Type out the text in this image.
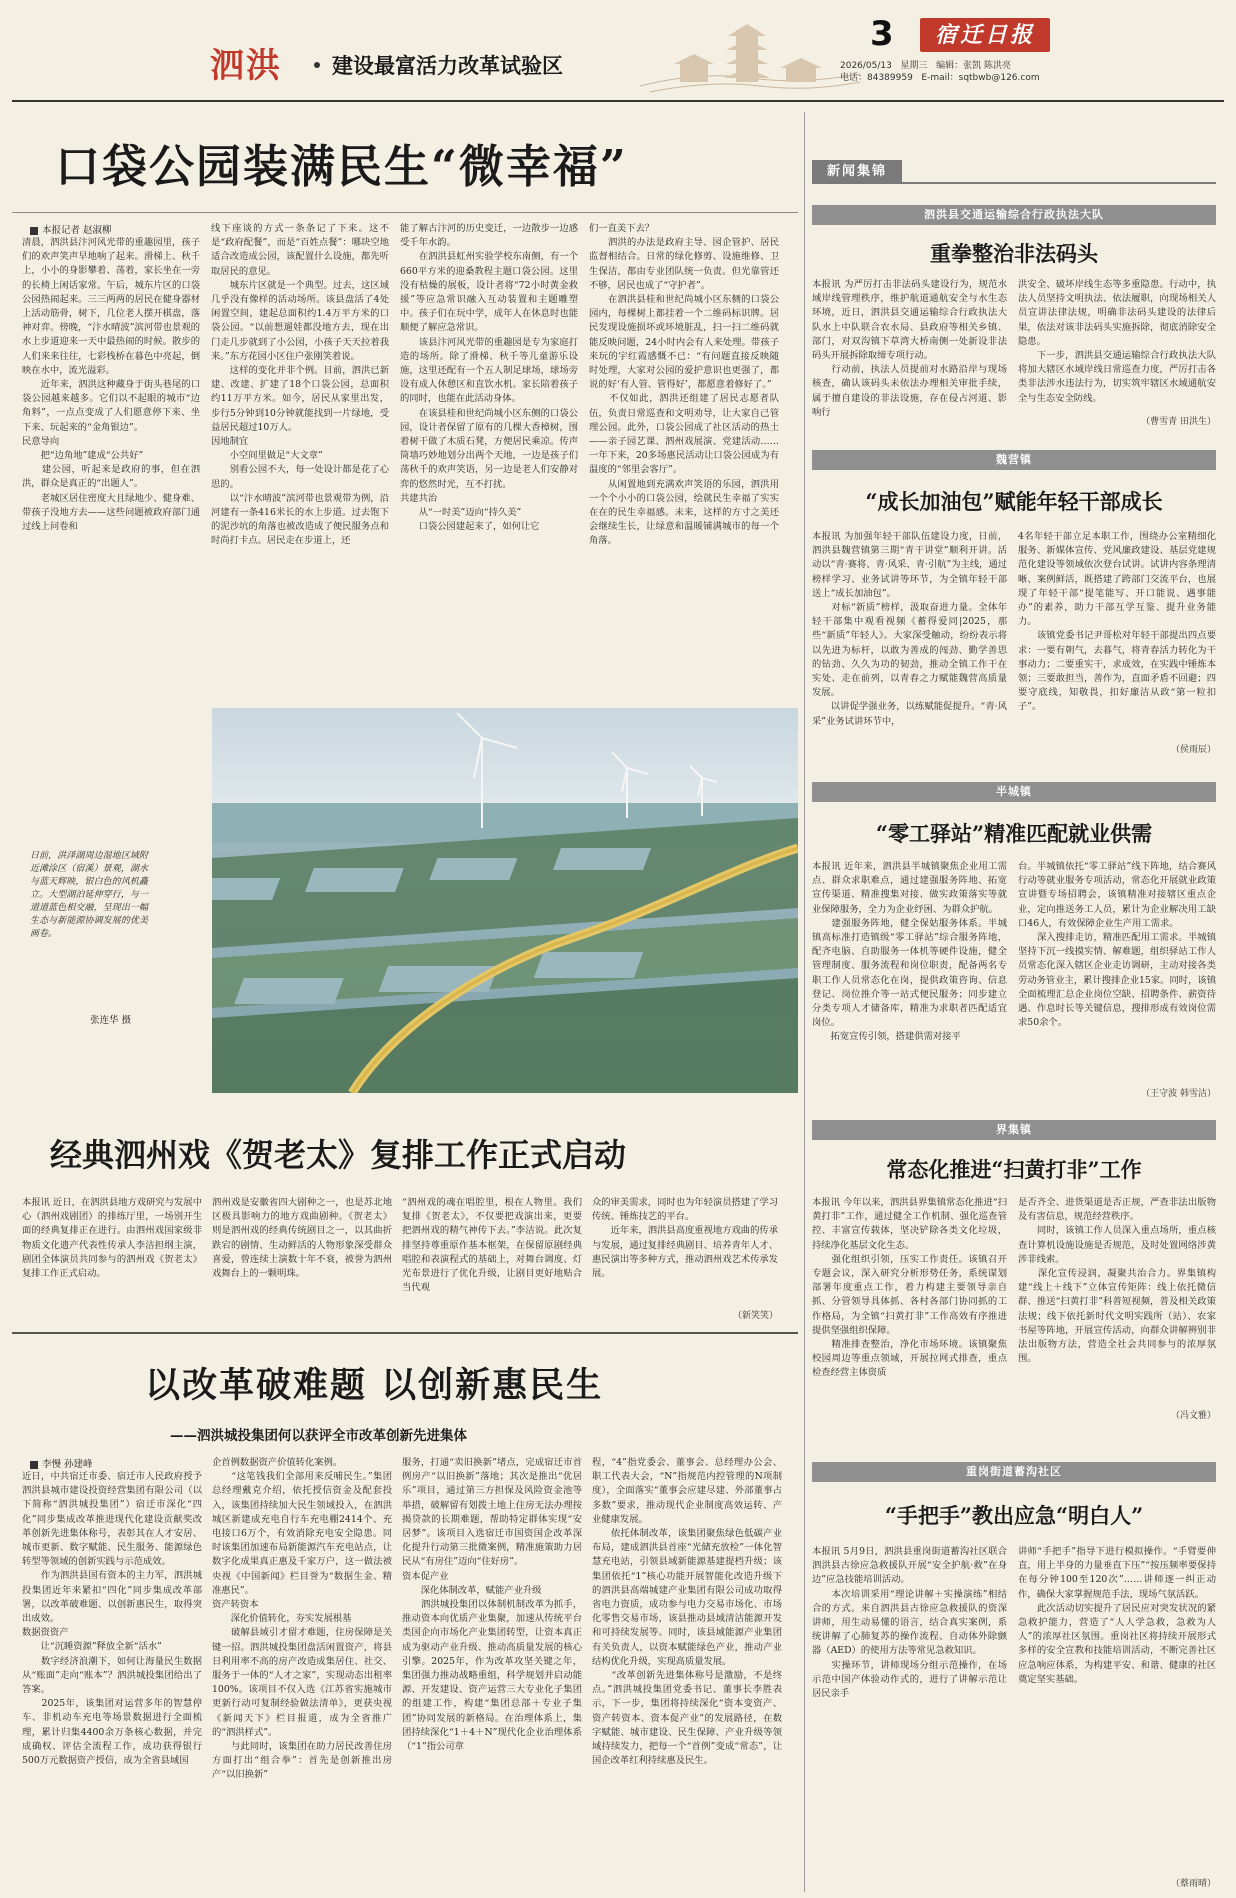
泗洪 建设最富活力改革试验区
3	宿迁日报
2026/05/13 星期三 编辑：张凯 陈洪亮
电话：84389959 E-mail：sqtbwb@126.com
口袋公园装满民生“微幸福”
本报记者 赵淑柳
清晨，泗洪县汴河风光带的重趣园里，孩子们的欢声笑声早地响了起来。滑梯上、秋千上，小小的身影攀着、荡着，家长坐在一旁的长椅上闲话家常。午后，城东片区的口袋公园热闹起来。三三两两的居民在健身器材上活动筋骨，树下，几位老人摆开棋盘，落神对弈。傍晚，“汴水晴波”滨河带也景观的水上步道迎来一天中最热闹的时候。散步的人们来来往往，七彩栈桥在暮色中亮起，倒映在水中，流光溢彩。
　　近年来，泗洪这种藏身于街头巷尾的口袋公园越来越多。它们以不起眼的城市“边角料”，一点点变成了人们愿意停下来、坐下来、玩起来的“金角银边”。
民意导向
　　把“边角地”建成“公共好”
　　建公园，听起来是政府的事，但在泗洪，群众是真正的“出题人”。
　　老城区居住密度大且绿地少、健身难、带孩子没地方去——这些问题被政府部门通过线上问卷和
线下座谈的方式一条条记了下来。这不是“政府配餐”，而是“百姓点餐”：哪块空地适合改造成公园，该配置什么设施，都先听取居民的意见。
　　城东片区就是一个典型。过去，这区域几乎没有像样的活动场所。该县盘活了4处闲置空间，建起总面积约1.4万平方米的口袋公园。“以前想遛娃都没地方去，现在出门走几步就到了小公园，小孩子天天拉着我来。”东方花园小区住户张刚笑着说。
　　这样的变化并非个例。目前，泗洪已新建、改建、扩建了18个口袋公园，总面积约11万平方米。如今，居民从家里出发，步行5分钟到10分钟就能找到一片绿地，受益居民超过10万人。
因地制宜
　　小空间里做足“大文章”
　　别看公园不大，每一处设计都是花了心思的。
　　以“汴水晴波”滨河带也景观带为例，沿河建有一条416米长的水上步道。过去饱下的泥沙坑的角落也被改造成了便民服务点和时尚打卡点。居民走在步道上，还
能了解古汴河的历史变迁，一边散步一边感受千年水韵。
　　在泗洪县虹州实验学校东南侧，有一个660平方米的迎桑教程主题口袋公园。这里没有枯燥的展板，设计者将“72小时黄金救援”等应急常识融入互动装置和主题雕塑中。孩子们在玩中学，成年人在休息时也能顺便了解应急常识。
　　该县汴河风光带的重趣园是专为家庭打造的场所。除了滑梯、秋千等儿童游乐设施，这里还配有一个五人制足球场，球场旁设有成人休憩区和直饮水机。家长陪着孩子的同时，也能在此活动身体。
　　在该县桂和世纪尚城小区东侧的口袋公园，设计者保留了原有的几棵大香樟树，围着树干做了木质石凳，方便居民乘凉。传声筒墙巧妙地划分出两个天地，一边是孩子们荡秋千的欢声笑语，另一边是老人们安静对弈的悠然时光，互不打扰。
共建共治
　　从“一时美”迈向“持久美”
　　口袋公园建起来了，如何让它
们一直美下去？
　　泗洪的办法是政府主导、园企管护、居民监督相结合。日常的绿化修剪、设施维修、卫生保洁，都由专业团队统一负责。但光靠管还不够，居民也成了“守护者”。
　　在泗洪县桂和世纪尚城小区东侧的口袋公园内，每棵树上都挂着一个二维码标识牌。居民发现设施损坏或环境脏乱，扫一扫二维码就能反映问题，24小时内会有人来处理。带孩子来玩的宇红霞感慨不已：“有问题直接反映随时处理，大家对公园的爱护意识也更强了，都说的好‘有人管、管得好’，都愿意着修好了。”
　　不仅如此，泗洪还组建了居民志愿者队伍，负责日常巡查和文明劝导，让大家自己管理公园。此外，口袋公园成了社区活动的热土——亲子园艺课、泗州戏展演、党建活动……一年下来，20多场惠民活动让口袋公园成为有温度的“邻里会客厅”。
　　从闲置地到充满欢声笑语的乐园，泗洪用一个个小小的口袋公园，绘就民生幸福了实实在在的民生幸福感。未来，这样的方寸之美还会继续生长，让绿意和温暖铺满城市的每一个角落。
日前，洪泽湖周边湿地区域附近滩涂区（宿溪）景观，湖水与蓝天辉映，银白色的风机矗立。大型湖泊延伸穿行，与一道道蓝色相交融，呈现出一幅生态与新能源协调发展的优美画卷。
张连华 摄
经典泗州戏《贺老太》复排工作正式启动
本报讯 近日，在泗洪县地方戏研究与发展中心（泗州戏剧团）的排练厅里，一场别开生面的经典复排正在进行。由泗州戏国家级非物质文化遗产代表性传承人李洁担纲主演，剧团全体演员共同参与的泗州戏《贺老太》复排工作正式启动。
泗州戏是安徽省四大剧种之一，也是苏北地区极具影响力的地方戏曲剧种。《贺老太》则是泗州戏的经典传统剧目之一，以其曲折跌宕的剧情、生动鲜活的人物形象深受群众喜爱，曾连续上演数十年不衰，被誉为泗州戏舞台上的一颗明珠。
“泗州戏的魂在唱腔里，根在人物里。我们复排《贺老太》，不仅要把戏演出来，更要把泗州戏的精气神传下去。”李洁说。此次复排坚持尊重原作基本框架，在保留原剧经典唱腔和表演程式的基础上，对舞台调度、灯光布景进行了优化升级，让剧目更好地贴合当代观
众的审美需求，同时也为年轻演员搭建了学习传统、锤炼技艺的平台。
　　近年来，泗洪县高度重视地方戏曲的传承与发展，通过复排经典剧目、培养青年人才、惠民演出等多种方式，推动泗州戏艺术传承发展。
（新笑笑）
以改革破难题 以创新惠民生
——泗洪城投集团何以获评全市改革创新先进集体
李慢 孙建峰
近日，中共宿迁市委、宿迁市人民政府授予泗洪县城市建设投资经营集团有限公司（以下简称“泗洪城投集团”）宿迁市深化“四化”同步集成改革推进现代化建设贡献奖改革创新先进集体称号，表彰其在人才安居、城市更新、数字赋能、民生服务、能源绿色转型等领域的创新实践与示范成效。
　　作为泗洪县国有资本的主力军，泗洪城投集团近年来紧扣“四化”同步集成改革部署，以改革破难题、以创新惠民生，取得突出成效。
数据资资产
　　让“沉睡资源”释放全新“活水”
　　数字经济浪潮下，如何让海量民生数据从“账面”走向“账本”？泗洪城投集团给出了答案。
　　2025年，该集团对运营多年的智慧停车、非机动车充电等场景数据进行全面梳理，累计归集4400余万条核心数据，并完成确权、评估全流程工作，成功获得银行500万元数据资产授信，成为全省县域国
企首例数据资产价值转化案例。
　　“这笔钱我们全部用来反哺民生。”集团总经理戴克介绍，依托授信资金及配套投入，该集团持续加大民生领域投入，在泗洪城区新建成充电自行车充电棚2414个、充电接口6万个，有效消除充电安全隐患。同时该集团加速布局新能源汽车充电站点，让数字化成果真正惠及千家万户，这一做法被央视《中国新闻》栏目誉为“数据生金、精准惠民”。
资产转资本
　　深化价值转化，夯实发展根基
　　破解县域引才留才难题，住房保障是关键一招。泗洪城投集团盘活闲置资产，将县日利用率不高的房产改造成集居住、社交、服务于一体的“人才之家”，实现动态出租率100%。该项目不仅入选《江苏省实施城市更新行动可复制经验做法清单》，更获央视《新闻天下》栏目报道，成为全省推广的“泗洪样式”。
　　与此同时，该集团在助力居民改善住房方面打出“组合拳”：首先是创新推出房产“以旧换新”
服务，打通“卖旧换新”堵点，完成宿迁市首例房产“以旧换新”落地；其次是推出“优居乐”项目，通过第三方担保及风险资金池等举措，破解留有划拨土地上住房无法办理按揭贷款的长期难题，帮助特定群体实现“安居梦”。该项目入选宿迁市国资国企改革深化提升行动第三批微案例，精准施策助力居民从“有房住”迈向“住好房”。
资本促产业
　　深化体制改革，赋能产业升级
　　泗洪城投集团以体制机制改革为抓手，推动资本向优质产业集聚，加速从传统平台类国企向市场化产业集团转型，让资本真正成为驱动产业升级、推动高质量发展的核心引擎。2025年，作为改革攻坚关键之年，集团强力推动战略重组，科学规划并启动能源、开发建设、资产运营三大专业化子集团的组建工作，构建“集团总部＋专业子集团”协同发展的新格局。在治理体系上，集团持续深化“1＋4＋N”现代化企业治理体系（“1”指公司章
程，“4”指党委会、董事会、总经理办公会、职工代表大会，“N”指规范内控管理的N项制度），全面落实“董事会应建尽建、外部董事占多数”要求，推动现代企业制度高效运转、产业健康发展。
　　依托体制改革，该集团聚焦绿色低碳产业布局，建成泗洪县首座“光储充放检”一体化智慧充电站，引领县域新能源基建提档升级；该集团依托“1”核心功能开展智能化改造升级下的泗洪县高端城建产业集团有限公司成功取得省电力资质，成功参与电力交易市场化、市场化零售交易市场，该县推动县域清洁能源开发和可持续发展等。同时，该县域能源产业集团有关负责人，以资本赋能绿色产业，推动产业结构优化升级，实现高质量发展。
　　“改革创新先进集体称号是激励，不是终点。”泗洪城投集团党委书记、董事长李胜表示，下一步，集团将持续深化“资本变资产、资产转资本、资本促产业”的发展路径，在数字赋能、城市建设、民生保障、产业升级等领域持续发力，把每一个“首例”变成“常态”，让国企改革红利持续惠及民生。
新闻集锦
泗洪县交通运输综合行政执法大队
重拳整治非法码头
本报讯 为严厉打击非法码头建设行为，规范水域岸线管理秩序，维护航道通航安全与水生态环境，近日，泗洪县交通运输综合行政执法大队水上中队联合农水局、县政府等相关乡镇、部门，对双沟镇下草湾大桥南侧一处新设非法码头开展拆除取缔专项行动。
　　行动前，执法人员提前对水路沿岸与现场核查，确认该码头未依法办理相关审批手续，属于擅自建设的非法设施，存在侵占河道、影响行
洪安全、破坏岸线生态等多重隐患。行动中，执法人员坚持文明执法、依法履职，向现场相关人员宣讲法律法规，明确非法码头建设的法律后果，依法对该非法码头实施拆除，彻底消除安全隐患。
　　下一步，泗洪县交通运输综合行政执法大队将加大辖区水域岸线日常巡查力度，严厉打击各类非法涉水违法行为，切实筑牢辖区水域通航安全与生态安全防线。
（曹雪青 田洪生）
魏营镇
“成长加油包”赋能年轻干部成长
本报讯 为加强年轻干部队伍建设力度，日前，泗洪县魏营镇第三期“青干讲堂”顺利开讲。活动以“青·赛将、青·风采、青·引航”为主线，通过榜样学习、业务试讲等环节，为全镇年轻干部送上“成长加油包”。
　　对标“新质”榜样，汲取奋进力量。全体年轻干部集中观看视频《蓄得爱同|2025，那些“新质”年轻人》。大家深受触动，纷纷表示将以先进为标杆，以敢为善成的闯劲、勤学善思的钻劲、久久为功的韧劲，推动全镇工作干在实处、走在前列，以青春之力赋能魏营高质量发展。
　　以讲促学强业务，以练赋能促提升。“青·风采”业务试讲环节中，
4名年轻干部立足本职工作，围绕办公室精细化服务、新媒体宣传、党风廉政建设、基层党建规范化建设等领域依次登台试讲。试讲内容条理清晰、案例鲜活，既搭建了跨部门交流平台，也展现了年轻干部“提笔能写、开口能说、遇事能办”的素养，助力干部互学互鉴、提升业务能力。
　　该镇党委书记尹哥松对年轻干部提出四点要求：一要有朝气，去暮气，将青春活力转化为干事动力；二要重实干，求成效，在实践中锤炼本领；三要敢担当，善作为，直面矛盾不回避；四要守底线，知敬畏，扣好廉洁从政“第一粒扣子”。
（侯雨辰）
半城镇
“零工驿站”精准匹配就业供需
本报讯 近年来，泗洪县半城镇聚焦企业用工需点、群众求职难点，通过建强服务阵地、拓宽宣传渠道、精准搜集对接、做实政策落实等就业保障服务，全力为企业纾困、为群众护航。
　　建强服务阵地，健全保姑服务体系。半城镇高标准打造镇级“零工驿站”综合服务阵地，配齐电脑、自助服务一体机等硬件设施，健全管理制度、服务流程和岗位职责，配备两名专职工作人员常态化在岗，提供政策咨询、信息登记、岗位推介等一站式便民服务；同步建立分类专项人才储备库，精准为求职者匹配适宜岗位。
　　拓宽宣传引领，搭建供需对接平
台。半城镇依托“零工驿站”线下阵地，结合赛风行动等就业服务专项活动，常态化开展就业政策宣讲暨专场招聘会，该镇精准对接辖区重点企业，定向推送务工人员，累计为企业解决用工缺口46人，有效保障企业生产用工需求。
　　深入搜排走访，精准匹配用工需求。半城镇坚持下沉一线摸实情、解难题，组织驿站工作人员常态化深入辖区企业走访调研，主动对接各类劳动务管业主，累计搜排企业15家。同时，该镇全面梳理汇总企业岗位空缺、招聘条件、薪资待遇、作息时长等关键信息，搜排形成有效岗位需求50余个。
（王守波 韩雪洁）
界集镇
常态化推进“扫黄打非”工作
本报讯 今年以来，泗洪县界集镇常态化推进“扫黄打非”工作，通过健全工作机制、强化巡查管控、丰富宣传载体，坚决铲除各类文化垃圾，持续净化基层文化生态。
　　强化组织引领，压实工作责任。该镇召开专题会议，深入研究分析形势任务，系统谋划部署年度重点工作，着力构建主要领导亲自抓、分管领导具体抓、各村各部门协同抓的工作格局，为全镇“扫黄打非”工作高效有序推进提供坚强组织保障。
　　精准排查整治，净化市场环境。该镇聚焦校园周边等重点领域，开展拉网式排查，重点检查经营主体资质
是否齐全、进货渠道是否正规，严查非法出版物及有害信息，规范经营秩序。
　　同时，该镇工作人员深入重点场所，重点核查计算机设施设施是否规范，及时处置网络涉黄涉非线索。
　　深化宣传浸润，凝聚共治合力。界集镇构建“线上＋线下”立体宣传矩阵：线上依托微信群、推送“扫黄打非”科普短视频，普及相关政策法规；线下依托新时代文明实践所（站）、农家书屋等阵地，开展宣传活动，向群众讲解辨别非法出版物方法，营造全社会共同参与的浓厚氛围。
（冯文雅）
重岗街道蓄沟社区
“手把手”教出应急“明白人”
本报讯 5月9日，泗洪县重岗街道蓄沟社区联合泗洪县古徐应急救援队开展“安全护航·救”在身边”应急技能培训活动。
　　本次培训采用“理论讲解＋实操演练”相结合的方式。来自泗洪县古徐应急救援队的资深讲师，用生动易懂的语言，结合真实案例，系统讲解了心肺复苏的操作流程、自动体外除颤器（AED）的使用方法等常见急救知识。
　　实操环节，讲师现场分组示范操作，在场示范中国产体验动作式的，进行了讲解示范让居民亲手
讲师“手把手”指导下进行模拟操作。“手臂要伸直，用上半身的力量垂直下压”“按压频率要保持在每分钟100至120次”……讲师逐一纠正动作，确保大家掌握规范手法，现场气氛活跃。
　　此次活动切实提升了居民应对突发状况的紧急救护能力，营造了“人人学急救，急救为人人”的浓厚社区氛围。重岗社区将持续开展形式多样的安全宣教和技能培训活动，不断完善社区应急响应体系，为构建平安、和谐、健康的社区奠定坚实基础。
（蔡雨晴）
